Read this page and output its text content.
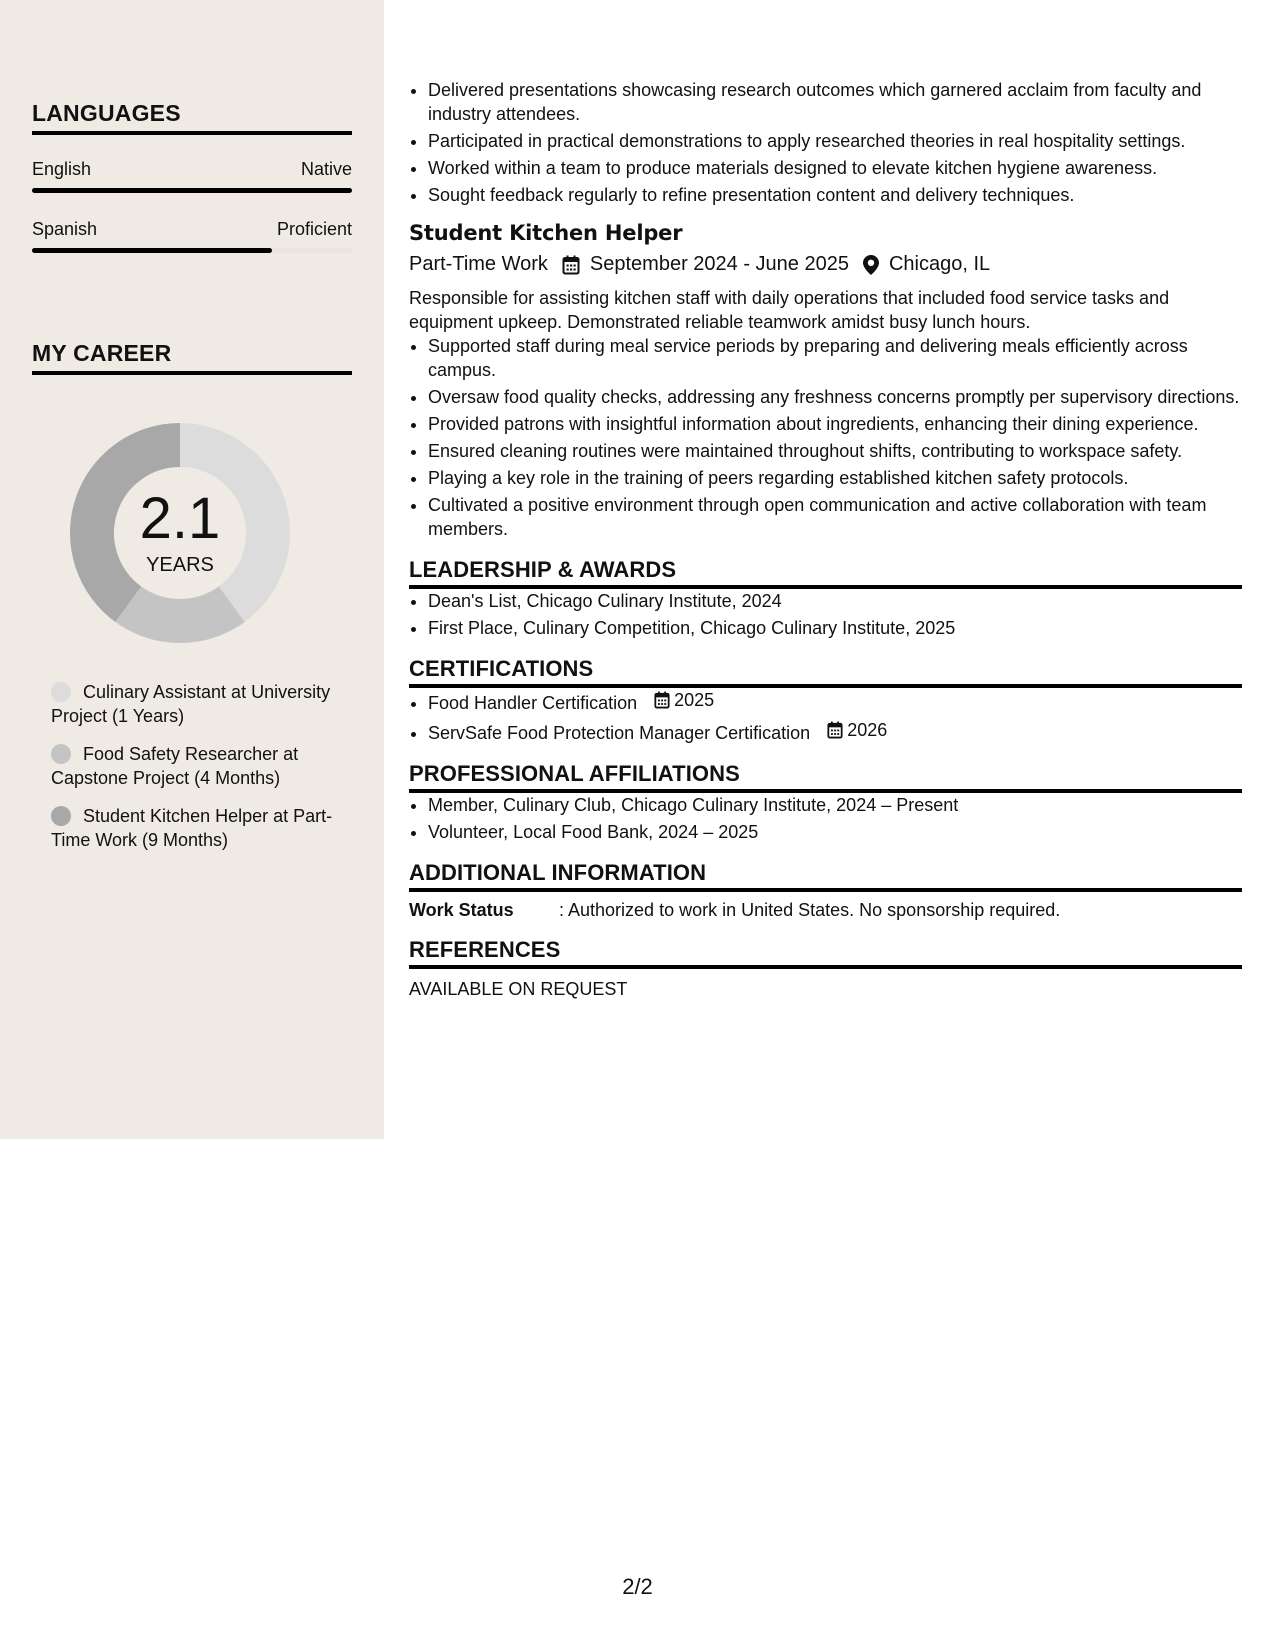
LANGUAGES
English	Native
Spanish	Proficient
MY CAREER
2.1
YEARS
Culinary Assistant at University Project (1 Years)
Food Safety Researcher at Capstone Project (4 Months)
Student Kitchen Helper at Part-Time Work (9 Months)
• Delivered presentations showcasing research outcomes which garnered acclaim from faculty and industry attendees.
• Participated in practical demonstrations to apply researched theories in real hospitality settings.
• Worked within a team to produce materials designed to elevate kitchen hygiene awareness.
• Sought feedback regularly to refine presentation content and delivery techniques.
Student Kitchen Helper
Part-Time Work September 2024 - June 2025 Chicago, IL
Responsible for assisting kitchen staff with daily operations that included food service tasks and equipment upkeep. Demonstrated reliable teamwork amidst busy lunch hours.
• Supported staff during meal service periods by preparing and delivering meals efficiently across campus.
• Oversaw food quality checks, addressing any freshness concerns promptly per supervisory directions.
• Provided patrons with insightful information about ingredients, enhancing their dining experience.
• Ensured cleaning routines were maintained throughout shifts, contributing to workspace safety.
• Playing a key role in the training of peers regarding established kitchen safety protocols.
• Cultivated a positive environment through open communication and active collaboration with team members.
LEADERSHIP & AWARDS
• Dean's List, Chicago Culinary Institute, 2024
• First Place, Culinary Competition, Chicago Culinary Institute, 2025
CERTIFICATIONS
• Food Handler Certification 2025
• ServSafe Food Protection Manager Certification 2026
PROFESSIONAL AFFILIATIONS
• Member, Culinary Club, Chicago Culinary Institute, 2024 – Present
• Volunteer, Local Food Bank, 2024 – 2025
ADDITIONAL INFORMATION
Work Status	: Authorized to work in United States. No sponsorship required.
REFERENCES
AVAILABLE ON REQUEST
2/2
